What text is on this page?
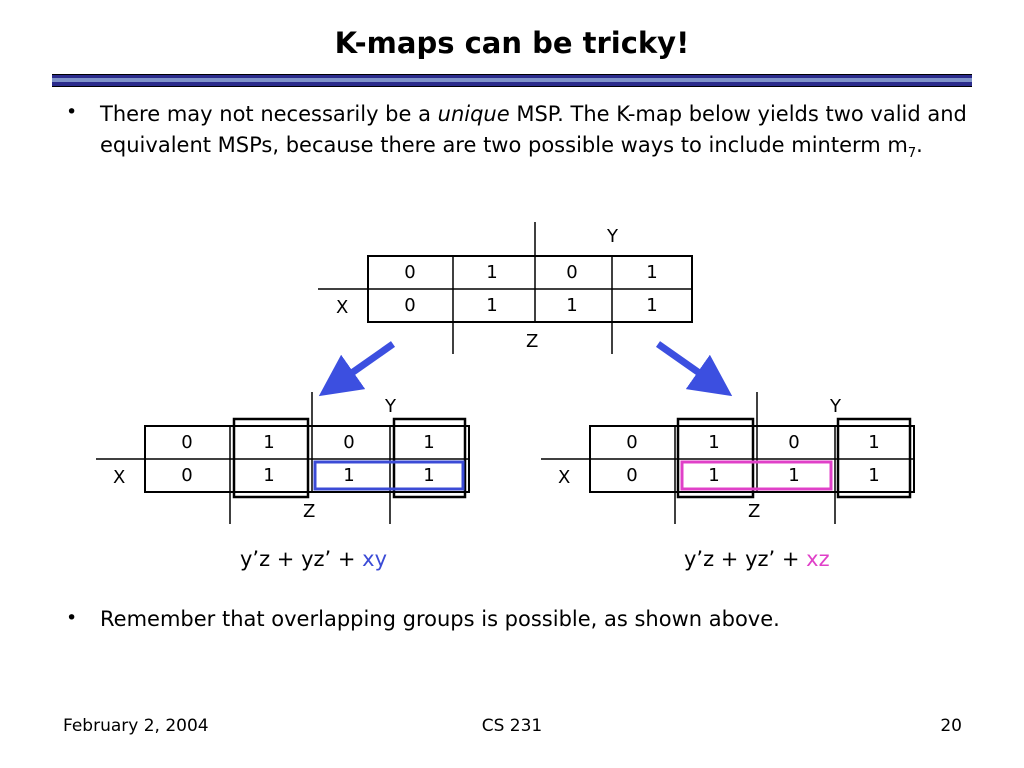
K-maps can be tricky!
• There may not necessarily be a unique MSP. The K-map below yields two valid and equivalent MSPs, because there are two possible ways to include minterm $m_7$.
Y
X
Z
0	1	0	1
0	1	1	1
Y
X
Z
0	1	0	1
0	1	1	1
Y
X
Z
0	1	0	1
0	1	1	1
y’z + yz’ + xy	y’z + yz’ + xz
• Remember that overlapping groups is possible, as shown above.
February 2, 2004	CS 231	20
